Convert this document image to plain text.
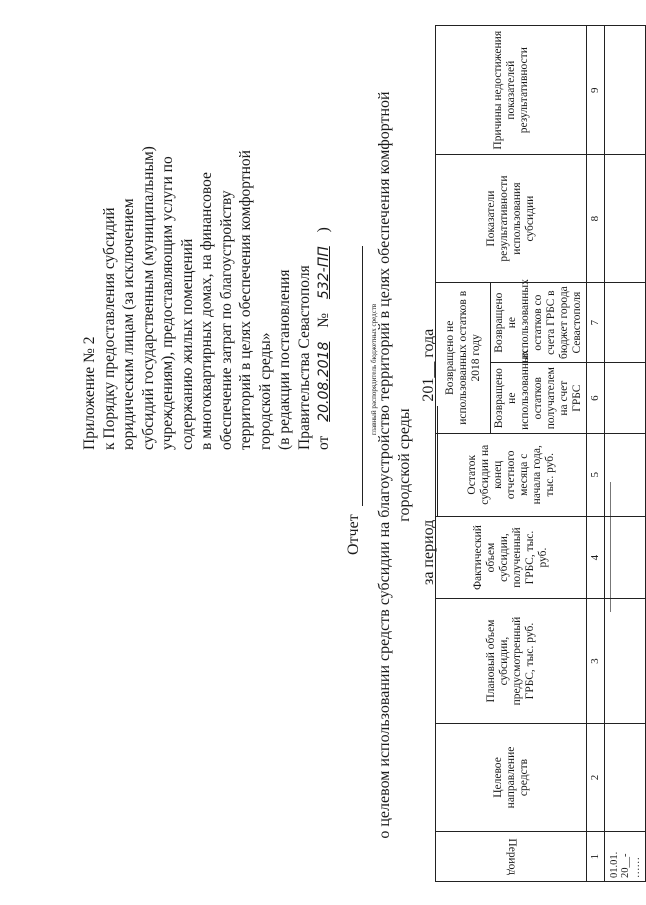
Приложение № 2 к Порядку предоставления субсидий юридическим лицам (за исключением субсидий государственным (муниципальным) учреждениям), предоставляющим услуги по содержанию жилых помещений в многоквартирных домах, на финансовое обеспечение затрат по благоустройству территорий в целях обеспечения комфортной городской среды» (в редакции постановления Правительства Севастополя от 20.08.2018 № 532-ПП )
Отчет
главный распорядитель бюджетных средств
о целевом использовании средств субсидии на благоустройство территорий в целях обеспечения комфортной городской среды
за период  201__ года
Период	Целевое направление средств	Плановый объем субсидии, предусмотренный ГРБС, тыс. руб.	Фактический объем субсидии, полученный ГРБС, тыс. руб.	Остаток субсидии на конец отчетного месяца с начала года, тыс. руб.	Возвращено не использованных остатков в 2018 году		Показатели результативности использования субсидии	Причины недостижения показателей результативности
					Возвращено не использованных остатков получателем на счет ГРБС	Возвращено не использованных остатков со счета ГРБС в бюджет города Севастополя		
1	2	3	4	5	6	7	8	9

01.01. 20__- ……								
